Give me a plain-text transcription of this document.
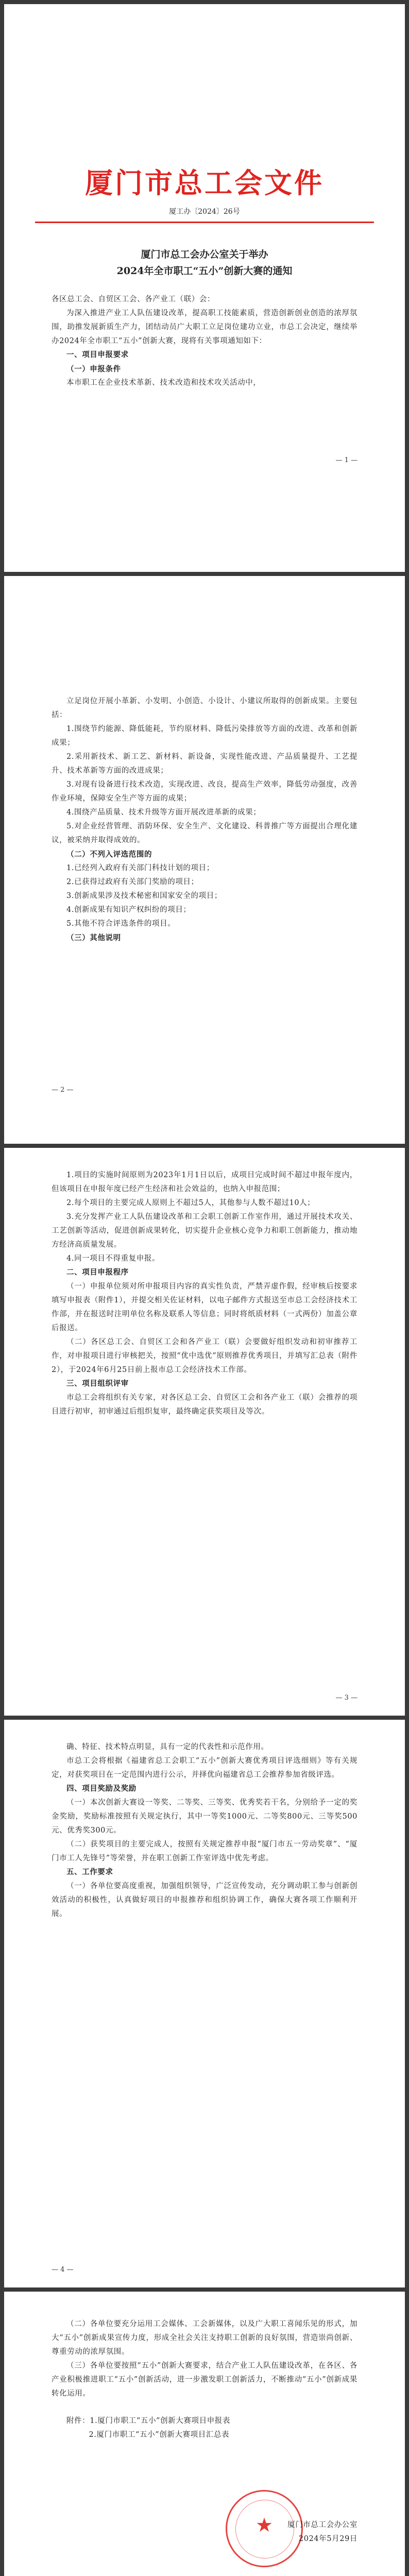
厦门市总工会文件
厦工办〔2024〕26号
厦门市总工会办公室关于举办
2024年全市职工“五小”创新大赛的通知

各区总工会、自贸区工会、各产业工（联）会：

为深入推进产业工人队伍建设改革，提高职工技能素质，营造创新创业创造的浓厚氛围，助推发展新质生产力，团结动员广大职工立足岗位建功立业，市总工会决定，继续举办2024年全市职工“五小”创新大赛，现将有关事项通知如下：

一、项目申报要求

（一）申报条件

本市职工在企业技术革新、技术改造和技术攻关活动中，

— 1 —

立足岗位开展小革新、小发明、小创造、小设计、小建议所取得的创新成果。主要包括：

1.围绕节约能源、降低能耗，节约原材料、降低污染排放等方面的改进、改革和创新成果；

2.采用新技术、新工艺、新材料、新设备，实现性能改进、产品质量提升、工艺提升、技术革新等方面的改进成果；

3.对现有设备进行技术改造，实现改进、改良，提高生产效率，降低劳动强度，改善作业环境，保障安全生产等方面的成果；

4.围绕产品质量、技术升级等方面开展改进革新的成果；

5.对企业经营管理、消防环保、安全生产、文化建设、科普推广等方面提出合理化建议，被采纳并取得成效的。

（二）不列入评选范围的

1.已经列入政府有关部门科技计划的项目；

2.已获得过政府有关部门奖励的项目；

3.创新成果涉及技术秘密和国家安全的项目；

4.创新成果有知识产权纠纷的项目；

5.其他不符合评选条件的项目。

（三）其他说明

— 2 —

1.项目的实施时间原则为2023年1月1日以后，成项目完成时间不超过申报年度内，但该项目在申报年度已经产生经济和社会效益的，也纳入申报范围；

2.每个项目的主要完成人原则上不超过5人，其他参与人数不超过10人；

3.充分发挥产业工人队伍建设改革和工会职工创新工作室作用，通过开展技术攻关、工艺创新等活动，促进创新成果转化，切实提升企业核心竞争力和职工创新能力，推动地方经济高质量发展。

4.同一项目不得重复申报。

二、项目申报程序

（一）申报单位须对所申报项目内容的真实性负责，严禁弄虚作假，经审核后按要求填写申报表（附件1），并提交相关佐证材料，以电子邮件方式报送至市总工会经济技术工作部，并在报送时注明单位名称及联系人等信息；同时将纸质材料（一式两份）加盖公章后报送。

（二）各区总工会、自贸区工会和各产业工（联）会要做好组织发动和初审推荐工作，对申报项目进行审核把关，按照“优中选优”原则推荐优秀项目，并填写汇总表（附件2），于2024年6月25日前上报市总工会经济技术工作部。

三、项目组织评审

市总工会将组织有关专家，对各区总工会、自贸区工会和各产业工（联）会推荐的项目进行初审，初审通过后组织复审，最终确定获奖项目及等次。

— 3 —

确、特征、技术特点明显，具有一定的代表性和示范作用。

市总工会将根据《福建省总工会职工“五小”创新大赛优秀项目评选细则》等有关规定，对获奖项目在一定范围内进行公示，并择优向福建省总工会推荐参加省级评选。

四、项目奖励及奖励

（一）本次创新大赛设一等奖、二等奖、三等奖、优秀奖若干名，分别给予一定的奖金奖励，奖励标准按照有关规定执行，其中一等奖1000元、二等奖800元、三等奖500元、优秀奖300元。

（二）获奖项目的主要完成人，按照有关规定推荐申报“厦门市五一劳动奖章”、“厦门市工人先锋号”等荣誉，并在职工创新工作室评选中优先考虑。

五、工作要求

（一）各单位要高度重视，加强组织领导，广泛宣传发动，充分调动职工参与创新创效活动的积极性，认真做好项目的申报推荐和组织协调工作，确保大赛各项工作顺利开展。

— 4 —

（二）各单位要充分运用工会媒体、工会新媒体，以及广大职工喜闻乐见的形式，加大“五小”创新成果宣传力度，形成全社会关注支持职工创新的良好氛围，营造崇尚创新、尊重劳动的浓厚氛围。

（三）各单位要按照“五小”创新大赛要求，结合产业工人队伍建设改革，在各区、各产业积极推进职工“五小”创新活动，进一步激发职工创新活力，不断推动“五小”创新成果转化运用。

附件：1.厦门市职工“五小”创新大赛项目申报表

2.厦门市职工“五小”创新大赛项目汇总表

★	厦门市总工会办公室
2024年5月29日
